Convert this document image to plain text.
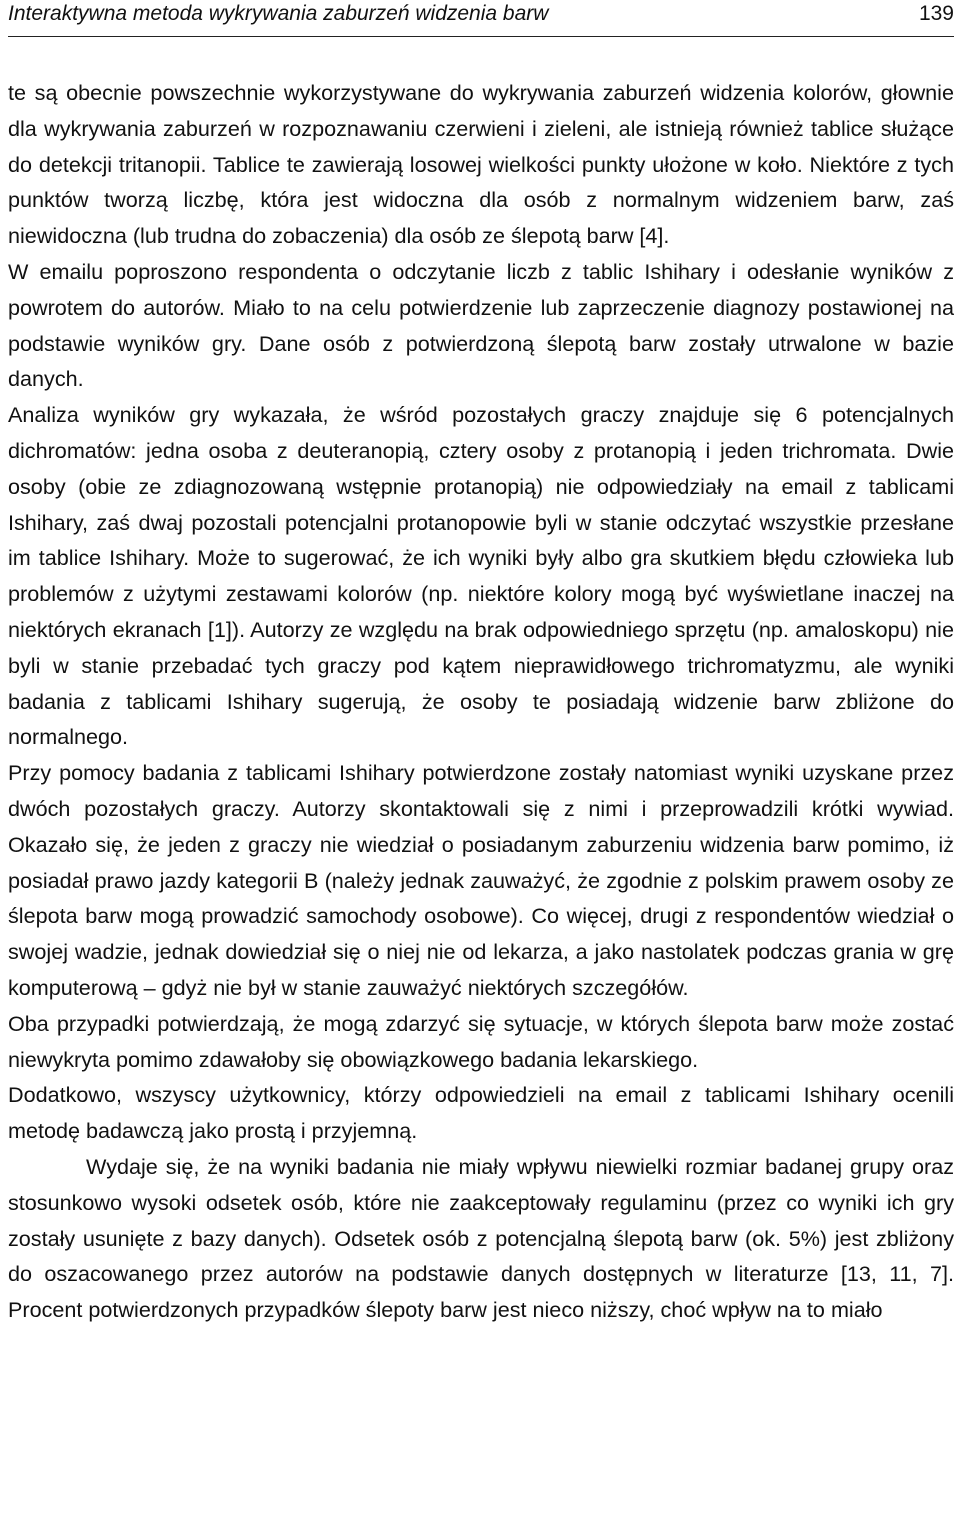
Interaktywna metoda wykrywania zaburzeń widzenia barw	139

te są obecnie powszechnie wykorzystywane do wykrywania zaburzeń widzenia kolorów, głownie dla wykrywania zaburzeń w rozpoznawaniu czerwieni i zieleni, ale istnieją również tablice służące do detekcji tritanopii. Tablice te zawierają losowej wielkości punkty ułożone w koło. Niektóre z tych punktów tworzą liczbę, która jest widoczna dla osób z normalnym widzeniem barw, zaś niewidoczna (lub trudna do zobaczenia) dla osób ze ślepotą barw [4].

W emailu poproszono respondenta o odczytanie liczb z tablic Ishihary i odesłanie wyników z powrotem do autorów. Miało to na celu potwierdzenie lub zaprzeczenie diagnozy postawionej na podstawie wyników gry. Dane osób z potwierdzoną ślepotą barw zostały utrwalone w bazie danych.

Analiza wyników gry wykazała, że wśród pozostałych graczy znajduje się 6 potencjalnych dichromatów: jedna osoba z deuteranopią, cztery osoby z protanopią i jeden trichromata. Dwie osoby (obie ze zdiagnozowaną wstępnie protanopią) nie odpowiedziały na email z tablicami Ishihary, zaś dwaj pozostali potencjalni protanopowie byli w stanie odczytać wszystkie przesłane im tablice Ishihary. Może to sugerować, że ich wyniki były albo gra skutkiem błędu człowieka lub problemów z użytymi zestawami kolorów (np. niektóre kolory mogą być wyświetlane inaczej na niektórych ekranach [1]). Autorzy ze względu na brak odpowiedniego sprzętu (np. amaloskopu) nie byli w stanie przebadać tych graczy pod kątem nieprawidłowego trichromatyzmu, ale wyniki badania z tablicami Ishihary sugerują, że osoby te posiadają widzenie barw zbliżone do normalnego.

Przy pomocy badania z tablicami Ishihary potwierdzone zostały natomiast wyniki uzyskane przez dwóch pozostałych graczy. Autorzy skontaktowali się z nimi i przeprowadzili krótki wywiad. Okazało się, że jeden z graczy nie wiedział o posiadanym zaburzeniu widzenia barw pomimo, iż posiadał prawo jazdy kategorii B (należy jednak zauważyć, że zgodnie z polskim prawem osoby ze ślepota barw mogą prowadzić samochody osobowe). Co więcej, drugi z respondentów wiedział o swojej wadzie, jednak dowiedział się o niej nie od lekarza, a jako nastolatek podczas grania w grę komputerową – gdyż nie był w stanie zauważyć niektórych szczegółów.

Oba przypadki potwierdzają, że mogą zdarzyć się sytuacje, w których ślepota barw może zostać niewykryta pomimo zdawałoby się obowiązkowego badania lekarskiego.

Dodatkowo, wszyscy użytkownicy, którzy odpowiedzieli na email z tablicami Ishihary ocenili metodę badawczą jako prostą i przyjemną.

Wydaje się, że na wyniki badania nie miały wpływu niewielki rozmiar badanej grupy oraz stosunkowo wysoki odsetek osób, które nie zaakceptowały regulaminu (przez co wyniki ich gry zostały usunięte z bazy danych). Odsetek osób z potencjalną ślepotą barw (ok. 5%) jest zbliżony do oszacowanego przez autorów na podstawie danych dostępnych w literaturze [13, 11, 7]. Procent potwierdzonych przypadków ślepoty barw jest nieco niższy, choć wpływ na to miało
